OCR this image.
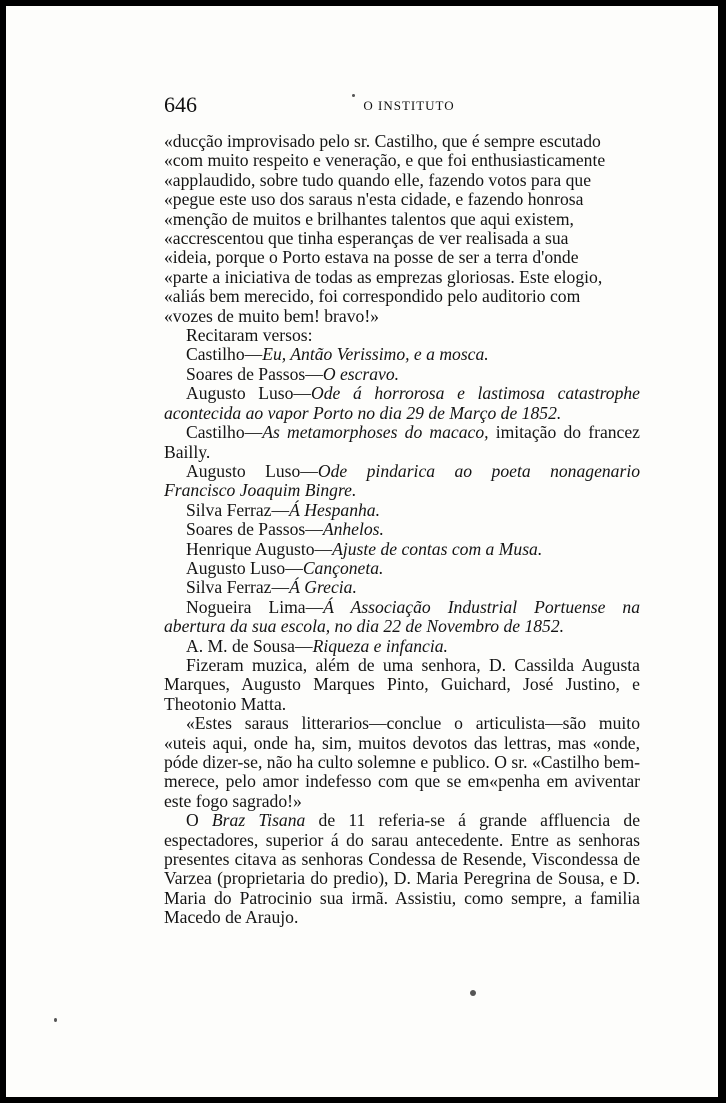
646	O INSTITUTO

«ducção improvisado pelo sr. Castilho, que é sempre escutado

«com muito respeito e veneração, e que foi enthusiasticamente

«applaudido, sobre tudo quando elle, fazendo votos para que

«pegue este uso dos saraus n'esta cidade, e fazendo honrosa

«menção de muitos e brilhantes talentos que aqui existem,

«accrescentou que tinha esperanças de ver realisada a sua

«ideia, porque o Porto estava na posse de ser a terra d'onde

«parte a iniciativa de todas as emprezas gloriosas. Este elogio,

«aliás bem merecido, foi correspondido pelo auditorio com

«vozes de muito bem! bravo!»

Recitaram versos:

Castilho—Eu, Antão Verissimo, e a mosca.

Soares de Passos—O escravo.

Augusto Luso—Ode á horrorosa e lastimosa catastrophe acontecida ao vapor Porto no dia 29 de Março de 1852.

Castilho—As metamorphoses do macaco, imitação do francez Bailly.

Augusto Luso—Ode pindarica ao poeta nonagenario Francisco Joaquim Bingre.

Silva Ferraz—Á Hespanha.

Soares de Passos—Anhelos.

Henrique Augusto—Ajuste de contas com a Musa.

Augusto Luso—Cançoneta.

Silva Ferraz—Á Grecia.

Nogueira Lima—Á Associação Industrial Portuense na abertura da sua escola, no dia 22 de Novembro de 1852.

A. M. de Sousa—Riqueza e infancia.

Fizeram muzica, além de uma senhora, D. Cassilda Augusta Marques, Augusto Marques Pinto, Guichard, José Justino, e Theotonio Matta.

«Estes saraus litterarios—conclue o articulista—são muito «uteis aqui, onde ha, sim, muitos devotos das lettras, mas «onde, póde dizer-se, não ha culto solemne e publico. O sr. «Castilho bem-merece, pelo amor indefesso com que se em«penha em aviventar este fogo sagrado!»

O Braz Tisana de 11 referia-se á grande affluencia de espectadores, superior á do sarau antecedente. Entre as senhoras presentes citava as senhoras Condessa de Resende, Viscondessa de Varzea (proprietaria do predio), D. Maria Peregrina de Sousa, e D. Maria do Patrocinio sua irmã. Assistiu, como sempre, a familia Macedo de Araujo.
